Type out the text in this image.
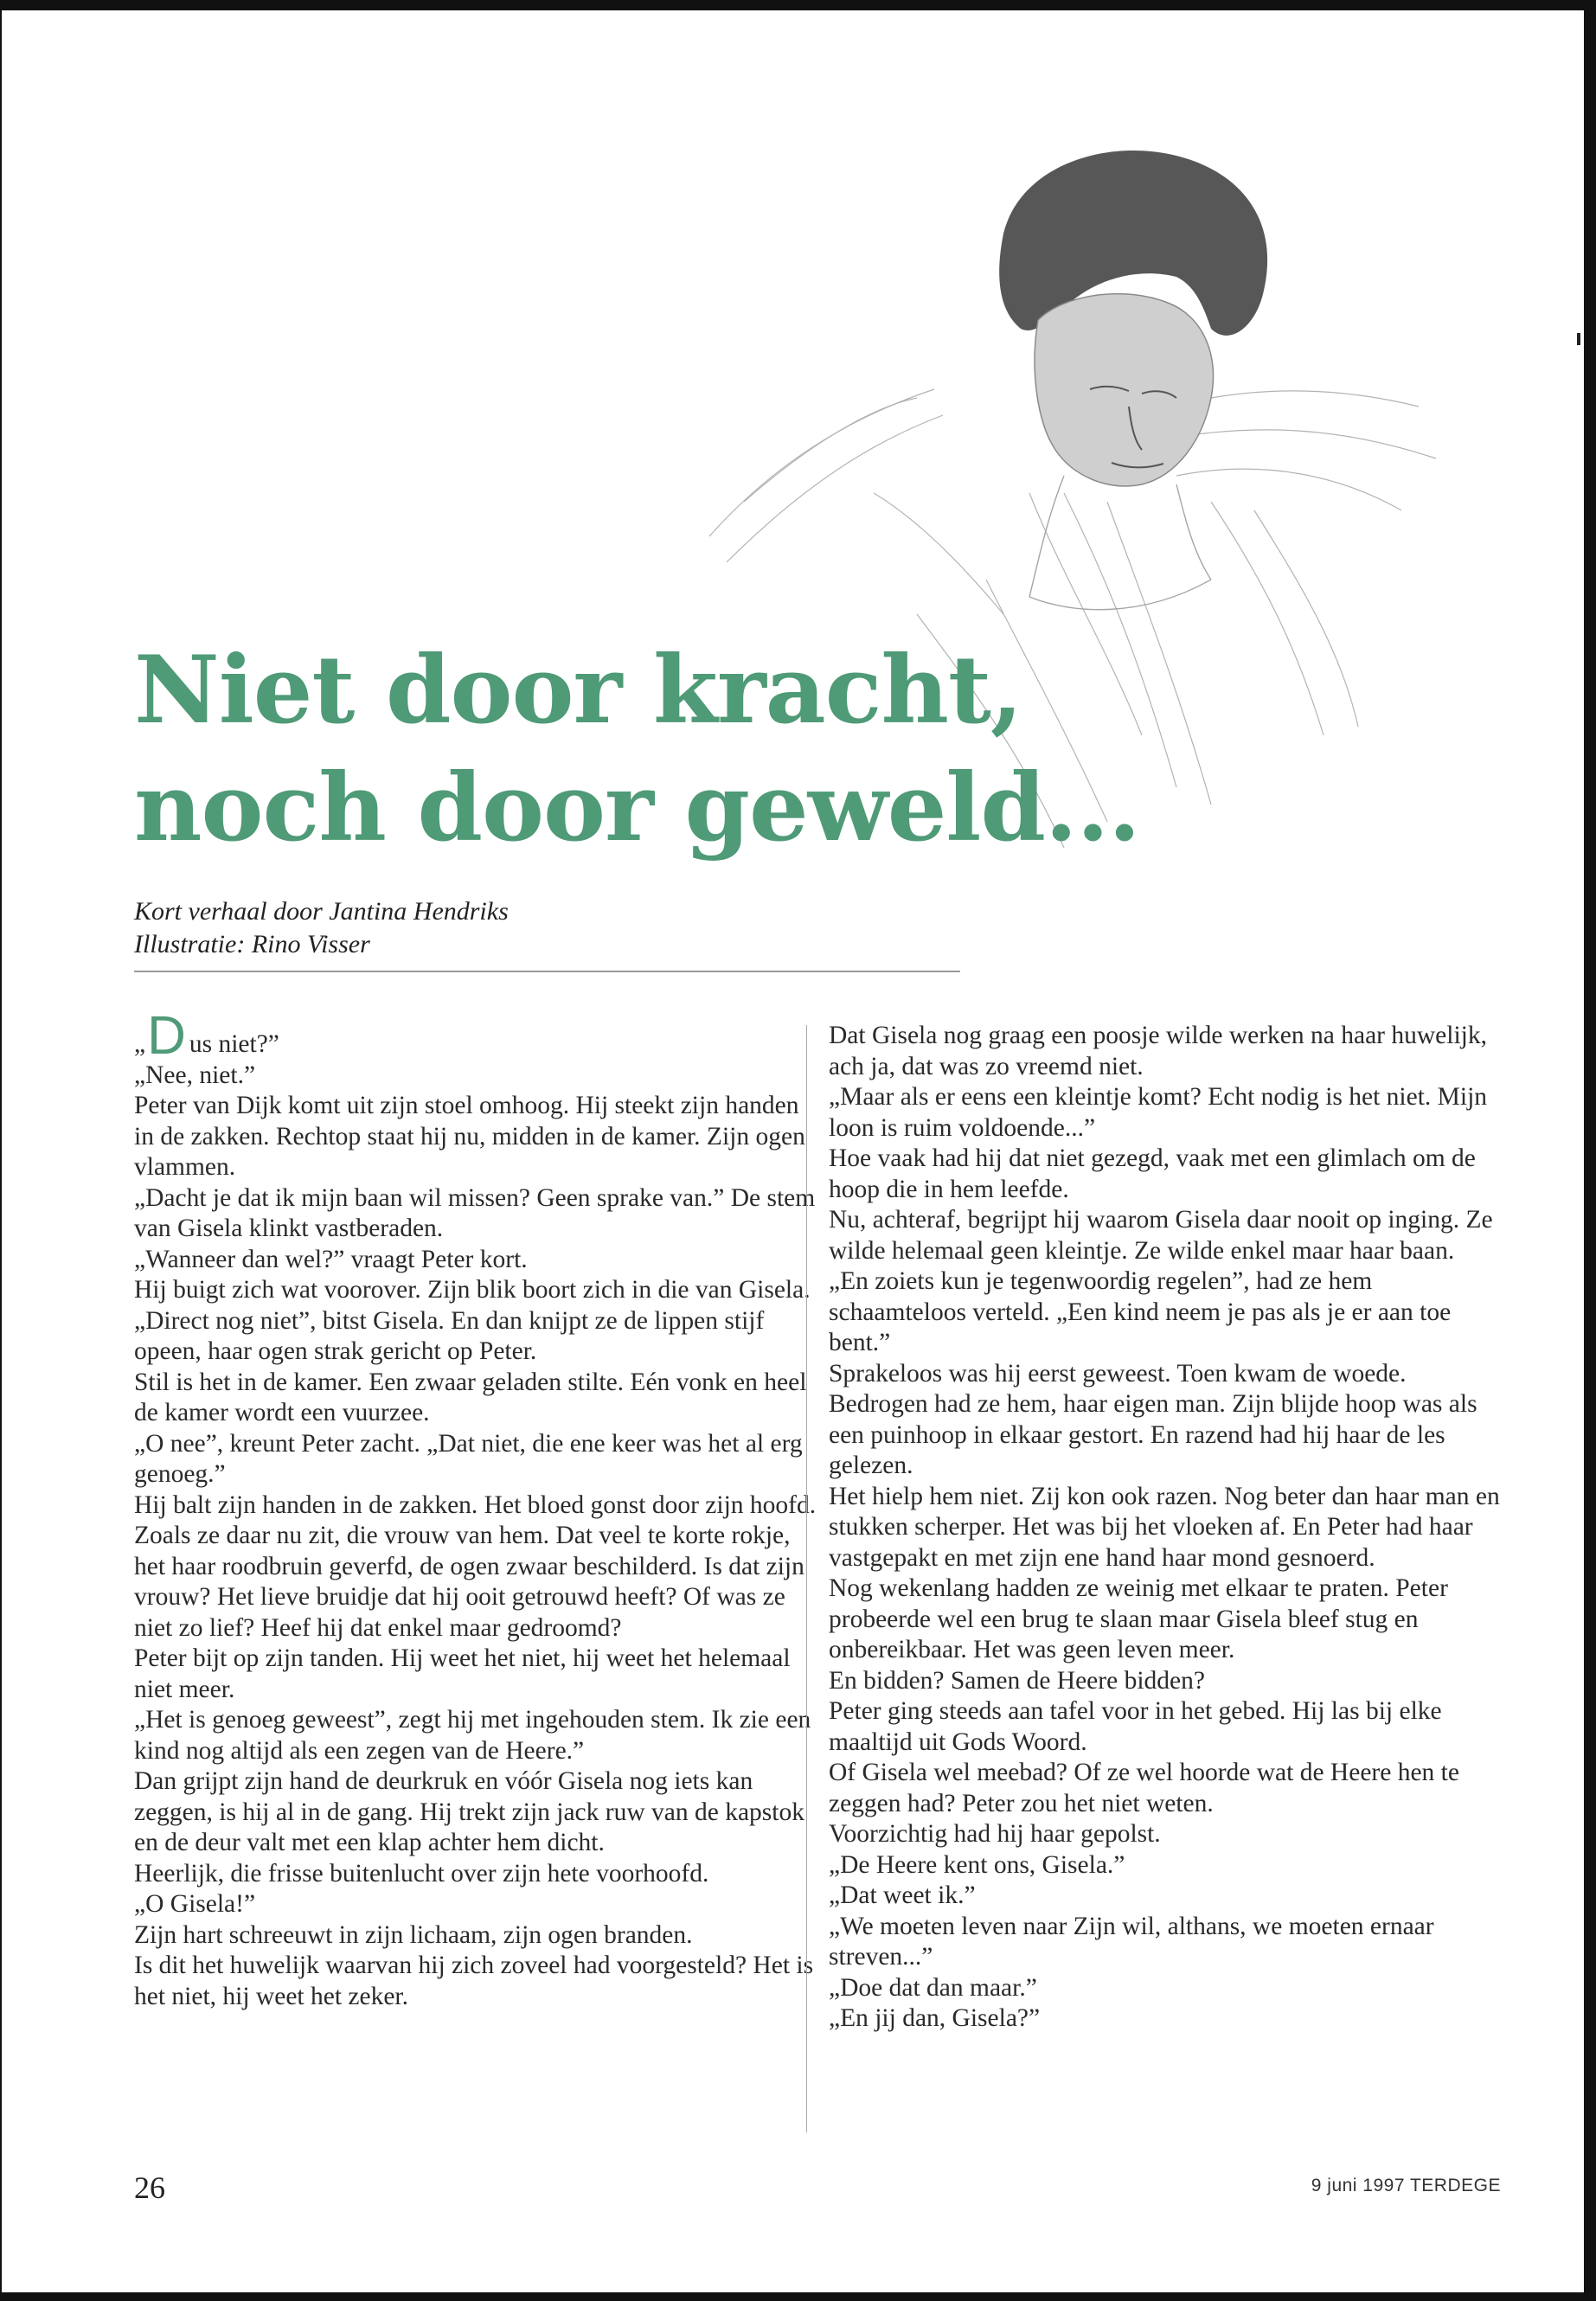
Niet door kracht,
noch door geweld...
Kort verhaal door Jantina Hendriks
Illustratie: Rino Visser

„D us niet?”

„Nee, niet.”

Peter van Dijk komt uit zijn stoel omhoog. Hij steekt zijn handen in de zakken. Rechtop staat hij nu, midden in de kamer. Zijn ogen vlammen.

„Dacht je dat ik mijn baan wil missen? Geen sprake van.” De stem van Gisela klinkt vastberaden.

„Wanneer dan wel?” vraagt Peter kort.

Hij buigt zich wat voorover. Zijn blik boort zich in die van Gisela.

„Direct nog niet”, bitst Gisela. En dan knijpt ze de lippen stijf opeen, haar ogen strak gericht op Peter.

Stil is het in de kamer. Een zwaar geladen stilte. Eén vonk en heel de kamer wordt een vuurzee.

„O nee”, kreunt Peter zacht. „Dat niet, die ene keer was het al erg genoeg.”

Hij balt zijn handen in de zakken. Het bloed gonst door zijn hoofd.

Zoals ze daar nu zit, die vrouw van hem. Dat veel te korte rokje, het haar roodbruin geverfd, de ogen zwaar beschilderd. Is dat zijn vrouw? Het lieve bruidje dat hij ooit getrouwd heeft? Of was ze niet zo lief? Heef hij dat enkel maar gedroomd?

Peter bijt op zijn tanden. Hij weet het niet, hij weet het helemaal niet meer.

„Het is genoeg geweest”, zegt hij met ingehouden stem. Ik zie een kind nog altijd als een zegen van de Heere.”

Dan grijpt zijn hand de deurkruk en vóór Gisela nog iets kan zeggen, is hij al in de gang. Hij trekt zijn jack ruw van de kapstok en de deur valt met een klap achter hem dicht.

Heerlijk, die frisse buitenlucht over zijn hete voorhoofd.

„O Gisela!”

Zijn hart schreeuwt in zijn lichaam, zijn ogen branden.

Is dit het huwelijk waarvan hij zich zoveel had voorgesteld? Het is het niet, hij weet het zeker.

Dat Gisela nog graag een poosje wilde werken na haar huwelijk, ach ja, dat was zo vreemd niet.

„Maar als er eens een kleintje komt? Echt nodig is het niet. Mijn loon is ruim voldoende...”

Hoe vaak had hij dat niet gezegd, vaak met een glimlach om de hoop die in hem leefde.

Nu, achteraf, begrijpt hij waarom Gisela daar nooit op inging. Ze wilde helemaal geen kleintje. Ze wilde enkel maar haar baan.

„En zoiets kun je tegenwoordig regelen”, had ze hem schaamteloos verteld. „Een kind neem je pas als je er aan toe bent.”

Sprakeloos was hij eerst geweest. Toen kwam de woede. Bedrogen had ze hem, haar eigen man. Zijn blijde hoop was als een puinhoop in elkaar gestort. En razend had hij haar de les gelezen.

Het hielp hem niet. Zij kon ook razen. Nog beter dan haar man en stukken scherper. Het was bij het vloeken af. En Peter had haar vastgepakt en met zijn ene hand haar mond gesnoerd.

Nog wekenlang hadden ze weinig met elkaar te praten. Peter probeerde wel een brug te slaan maar Gisela bleef stug en onbereikbaar. Het was geen leven meer.

En bidden? Samen de Heere bidden?

Peter ging steeds aan tafel voor in het gebed. Hij las bij elke maaltijd uit Gods Woord.

Of Gisela wel meebad? Of ze wel hoorde wat de Heere hen te zeggen had? Peter zou het niet weten.

Voorzichtig had hij haar gepolst.

„De Heere kent ons, Gisela.”

„Dat weet ik.”

„We moeten leven naar Zijn wil, althans, we moeten ernaar streven...”

„Doe dat dan maar.”

„En jij dan, Gisela?”

26	9 juni 1997 TERDEGE
